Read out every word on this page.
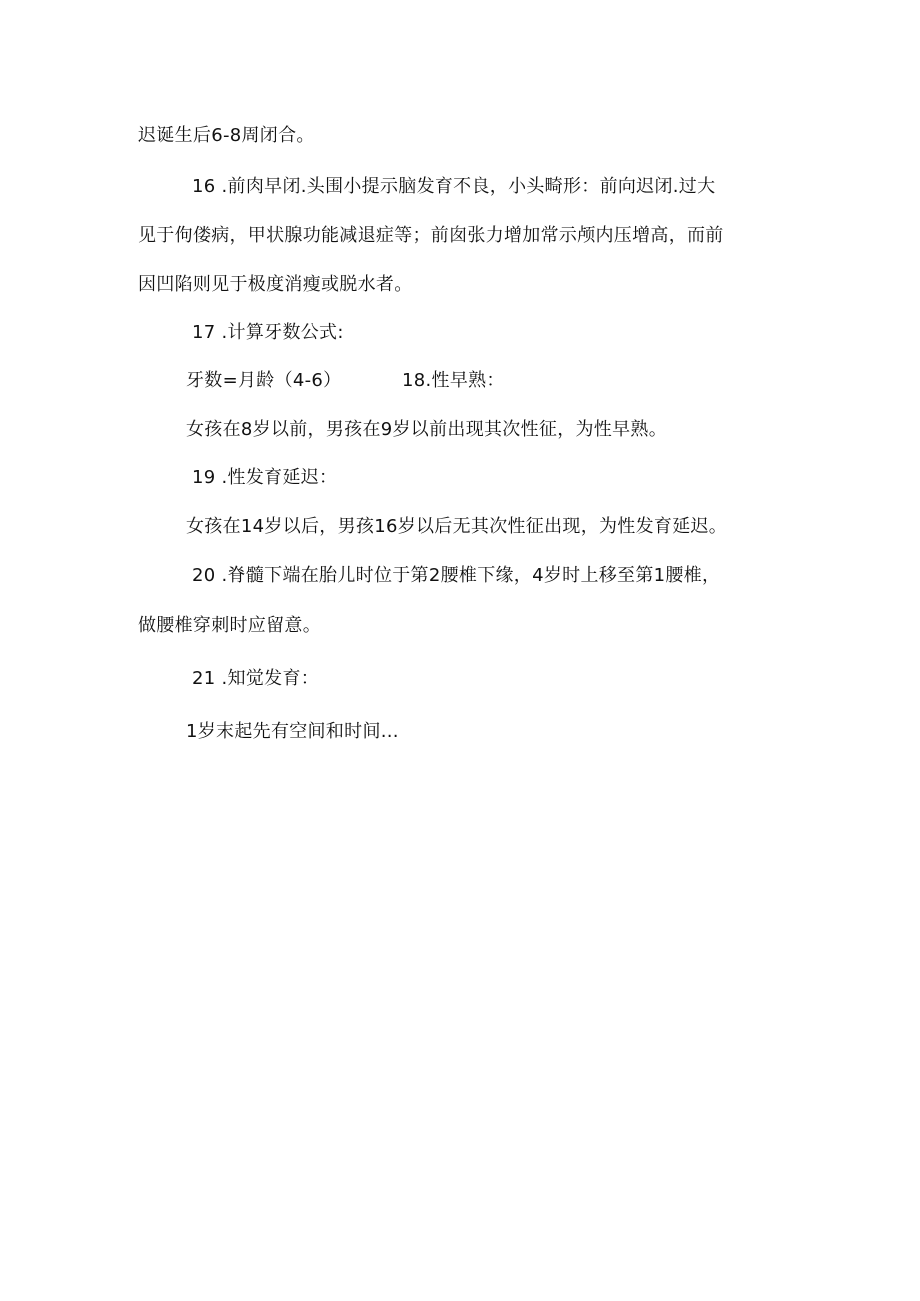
迟诞生后6-8周闭合。
16 .前肉早闭.头围小提示脑发育不良，小头畸形：前向迟闭.过大
见于佝偻病，甲状腺功能减退症等；前囱张力增加常示颅内压增高，而前
因凹陷则见于极度消瘦或脱水者。
17 .计算牙数公式:
牙数=月龄（4-6）	18.性早熟：
女孩在8岁以前，男孩在9岁以前出现其次性征，为性早熟。
19 .性发育延迟：
女孩在14岁以后，男孩16岁以后无其次性征出现，为性发育延迟。
20 .脊髓下端在胎儿时位于第2腰椎下缘，4岁时上移至第1腰椎，
做腰椎穿刺时应留意。
21 .知觉发育：
1岁末起先有空间和时间...
